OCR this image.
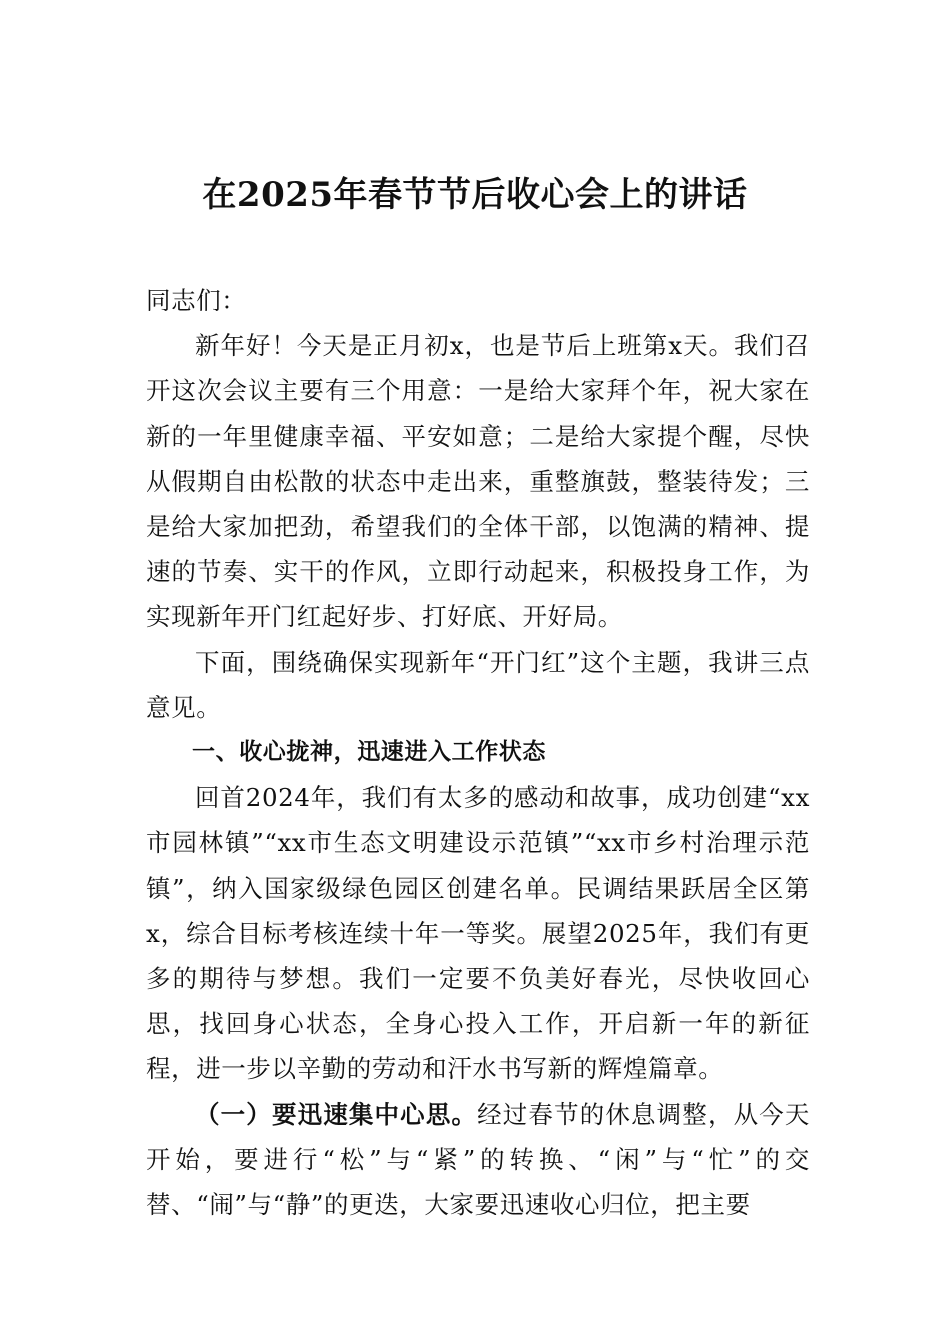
在2025年春节节后收心会上的讲话

同志们：

新年好！今天是正月初x，也是节后上班第x天。我们召开这次会议主要有三个用意：一是给大家拜个年，祝大家在新的一年里健康幸福、平安如意；二是给大家提个醒，尽快从假期自由松散的状态中走出来，重整旗鼓，整装待发；三是给大家加把劲，希望我们的全体干部，以饱满的精神、提速的节奏、实干的作风，立即行动起来，积极投身工作，为实现新年开门红起好步、打好底、开好局。

下面，围绕确保实现新年“开门红”这个主题，我讲三点意见。

一、收心拢神，迅速进入工作状态

回首2024年，我们有太多的感动和故事，成功创建“xx市园林镇”“xx市生态文明建设示范镇”“xx市乡村治理示范镇”，纳入国家级绿色园区创建名单。民调结果跃居全区第x，综合目标考核连续十年一等奖。展望2025年，我们有更多的期待与梦想。我们一定要不负美好春光，尽快收回心思，找回身心状态，全身心投入工作，开启新一年的新征程，进一步以辛勤的劳动和汗水书写新的辉煌篇章。

（一）要迅速集中心思。经过春节的休息调整，从今天开始，要进行“松”与“紧”的转换、“闲”与“忙”的交替、“闹”与“静”的更迭，大家要迅速收心归位，把主要
